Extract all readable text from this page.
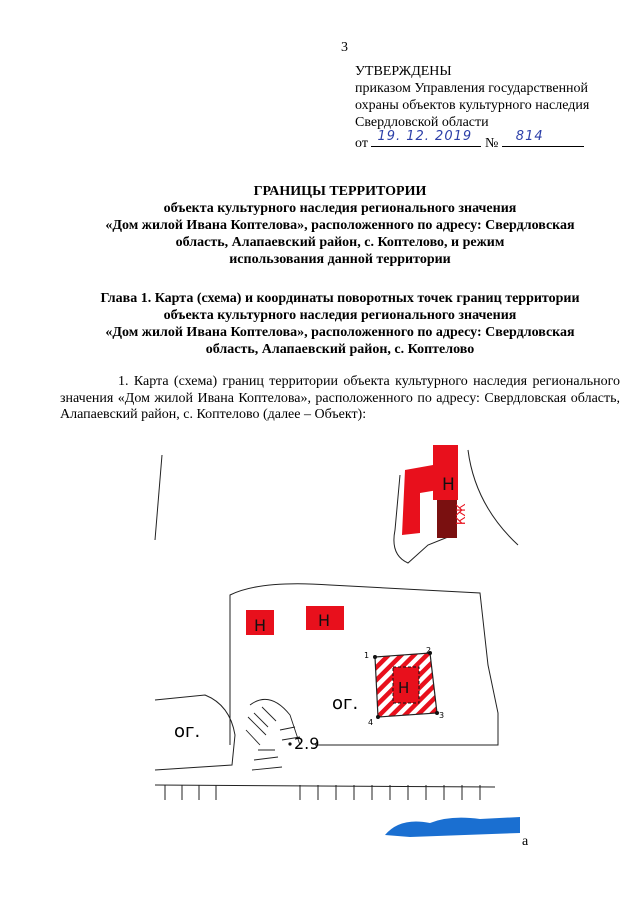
3
УТВЕРЖДЕНЫ
приказом Управления государственной
охраны объектов культурного наследия
Свердловской области
от 19. 12. 2019 № 814
ГРАНИЦЫ ТЕРРИТОРИИ
объекта культурного наследия регионального значения
«Дом жилой Ивана Коптелова», расположенного по адресу: Свердловская
область, Алапаевский район, с. Коптелово, и режим
использования данной территории
Глава 1. Карта (схема) и координаты поворотных точек границ территории
объекта культурного наследия регионального значения
«Дом жилой Ивана Коптелова», расположенного по адресу: Свердловская
область, Алапаевский район, с. Коптелово
1. Карта (схема) границ территории объекта культурного наследия регионального значения «Дом жилой Ивана Коптелова», расположенного по адресу: Свердловская область, Алапаевский район, с. Коптелово (далее – Объект):
Н
КЖ
Н	Н
Н
1
2
3
4
ог.
ог.
2.9
а
